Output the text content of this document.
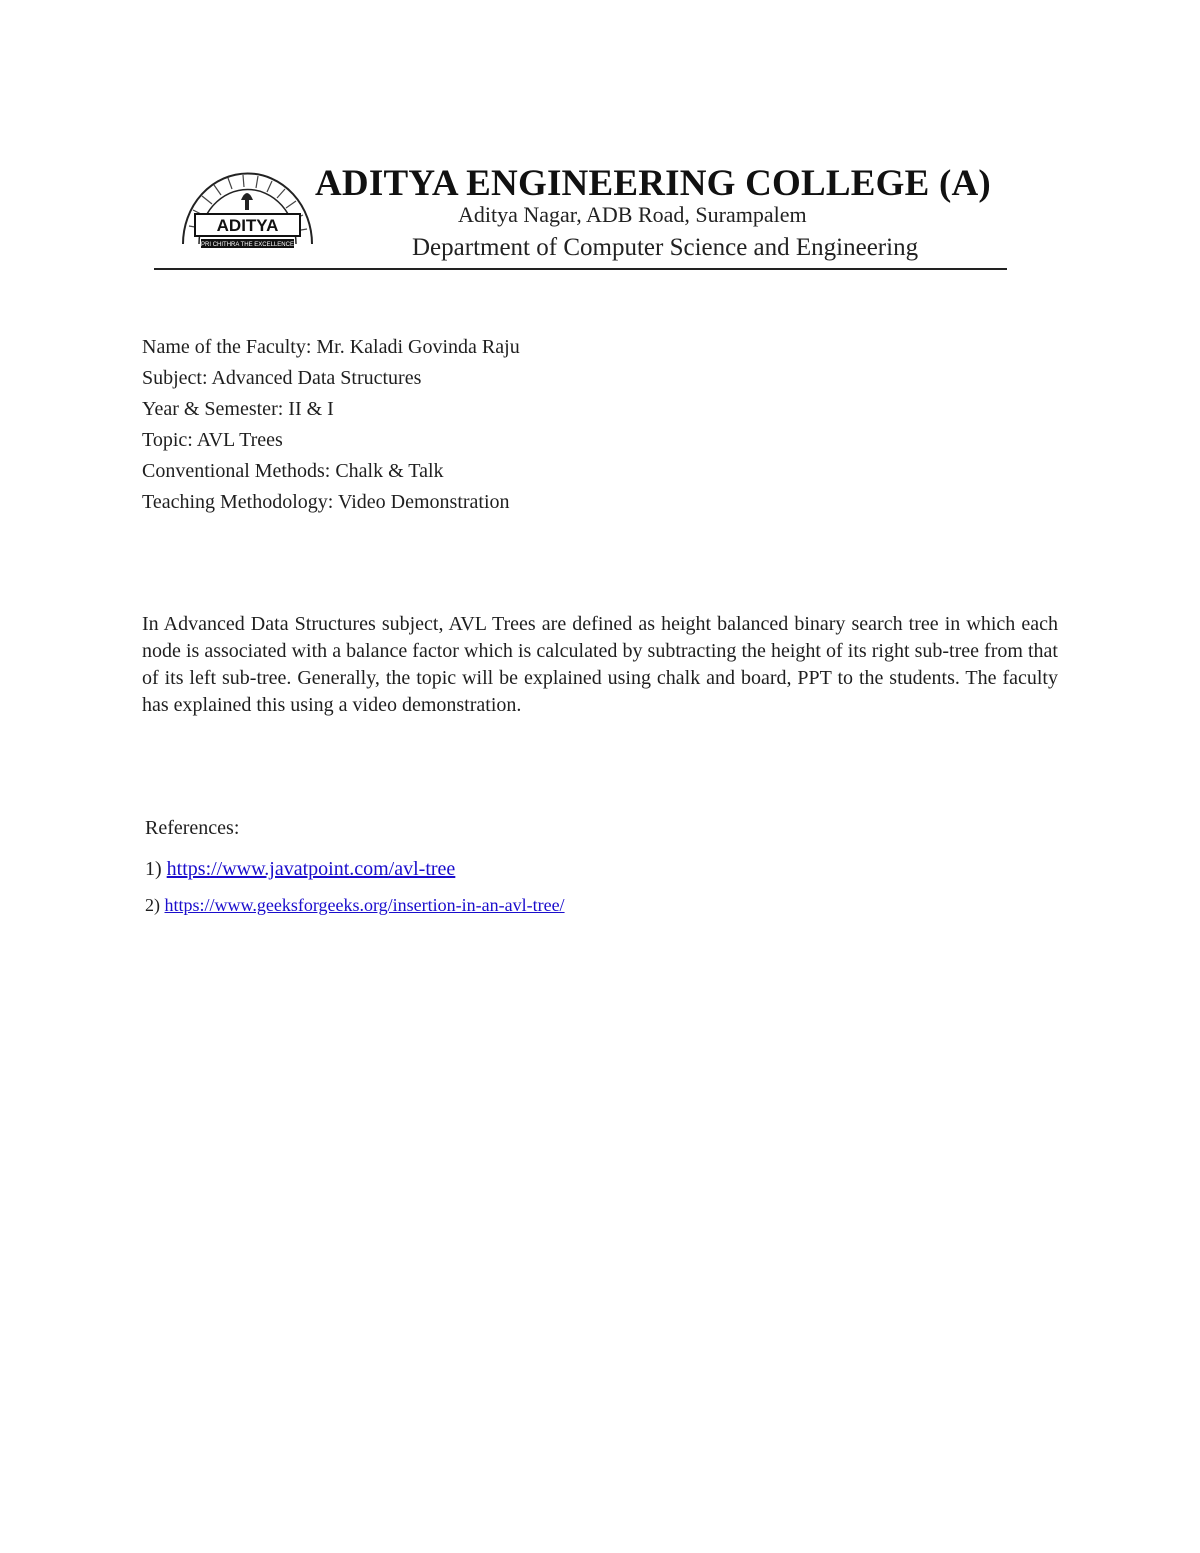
ADITYA
PRI CHITHRA THE EXCELLENCE
ADITYA ENGINEERING COLLEGE (A)
Aditya Nagar, ADB Road, Surampalem
Department of Computer Science and Engineering
Name of the Faculty: Mr. Kaladi Govinda Raju
Subject: Advanced Data Structures
Year & Semester: II & I
Topic: AVL Trees
Conventional Methods: Chalk & Talk
Teaching Methodology: Video Demonstration

In Advanced Data Structures subject, AVL Trees are defined as height balanced binary search tree in which each node is associated with a balance factor which is calculated by subtracting the height of its right sub-tree from that of its left sub-tree. Generally, the topic will be explained using chalk and board, PPT to the students. The faculty has explained this using a video demonstration.

References:
1) https://www.javatpoint.com/avl-tree
2) https://www.geeksforgeeks.org/insertion-in-an-avl-tree/
